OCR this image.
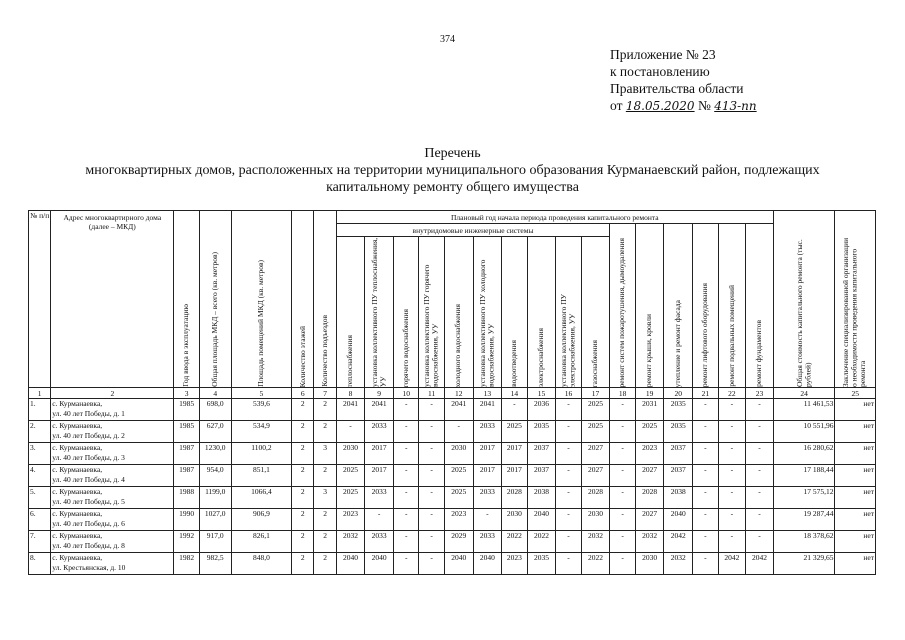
374
Приложение № 23
к постановлению
Правительства области
от 18.05.2020 № 413-пп
Перечень
многоквартирных домов, расположенных на территории муниципального образования Курманаевский район, подлежащих
капитальному ремонту общего имущества
№ п/п	Адрес многоквартирного дома (далее – МКД)	Год ввода в эксплуатацию	Общая площадь МКД – всего (кв. метров)	Площадь помещений МКД (кв. метров)	Количество этажей	Количество подъездов	Плановый год начала периода проведения капитального ремонта																Общая стоимость капитального ремонта (тыс. рублей)	Заключение специализированной организации о необходимости проведения капитального ремонта

							внутридомовые инженерные системы										ремонт систем пожаротушения, дымоудаления	ремонт крыши, кровли	утепление и ремонт фасада	ремонт лифтового оборудования	ремонт подвальных помещений	ремонт фундаментов		

							теплоснабжения	установка коллективного ПУ теплоснабжения, УУ	горячего водоснабжения	установка коллективного ПУ горячего водоснабжения, УУ	холодного водоснабжения	установка коллективного ПУ холодного водоснабжения, УУ	водоотведения	электроснабжения	установка коллективного ПУ электроснабжения, УУ	газоснабжения								

1	2	3	4	5	6	7	8	9	10	11	12	13	14	15	16	17	18	19	20	21	22	23	24	25
1.	с. Курманаевка,
ул. 40 лет Победы, д. 1	1985	698,0	539,6	2	2	2041	2041	-	-	2041	2041	-	2036	-	2025	-	2031	2035	-	-	-	11 461,53	нет
2.	с. Курманаевка,
ул. 40 лет Победы, д. 2	1985	627,0	534,9	2	2	-	2033	-	-	-	2033	2025	2035	-	2025	-	2025	2035	-	-	-	10 551,96	нет
3.	с. Курманаевка,
ул. 40 лет Победы, д. 3	1987	1230,0	1100,2	2	3	2030	2017	-	-	2030	2017	2017	2037	-	2027	-	2023	2037	-	-	-	16 280,62	нет
4.	с. Курманаевка,
ул. 40 лет Победы, д. 4	1987	954,0	851,1	2	2	2025	2017	-	-	2025	2017	2017	2037	-	2027	-	2027	2037	-	-	-	17 188,44	нет
5.	с. Курманаевка,
ул. 40 лет Победы, д. 5	1988	1199,0	1066,4	2	3	2025	2033	-	-	2025	2033	2028	2038	-	2028	-	2028	2038	-	-	-	17 575,12	нет
6.	с. Курманаевка,
ул. 40 лет Победы, д. 6	1990	1027,0	906,9	2	2	2023	-	-	-	2023	-	2030	2040	-	2030	-	2027	2040	-	-	-	19 287,44	нет
7.	с. Курманаевка,
ул. 40 лет Победы, д. 8	1992	917,0	826,1	2	2	2032	2033	-	-	2029	2033	2022	2022	-	2032	-	2032	2042	-	-	-	18 378,62	нет
8.	с. Курманаевка,
ул. Крестьянская, д. 10	1982	982,5	848,0	2	2	2040	2040	-	-	2040	2040	2023	2035	-	2022	-	2030	2032	-	2042	2042	21 329,65	нет
